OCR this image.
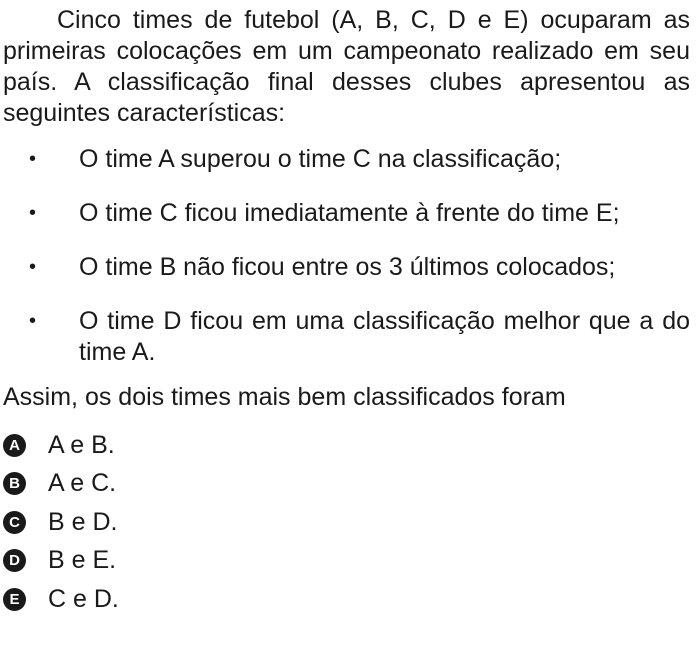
Cinco times de futebol (A, B, C, D e E) ocuparam as primeiras colocações em um campeonato realizado em seu país. A classificação final desses clubes apresentou as seguintes características:

• O time A superou o time C na classificação;
• O time C ficou imediatamente à frente do time E;
• O time B não ficou entre os 3 últimos colocados;
• O time D ficou em uma classificação melhor que a do time A.

Assim, os dois times mais bem classificados foram

A A e B.
B A e C.
C B e D.
D B e E.
E C e D.
